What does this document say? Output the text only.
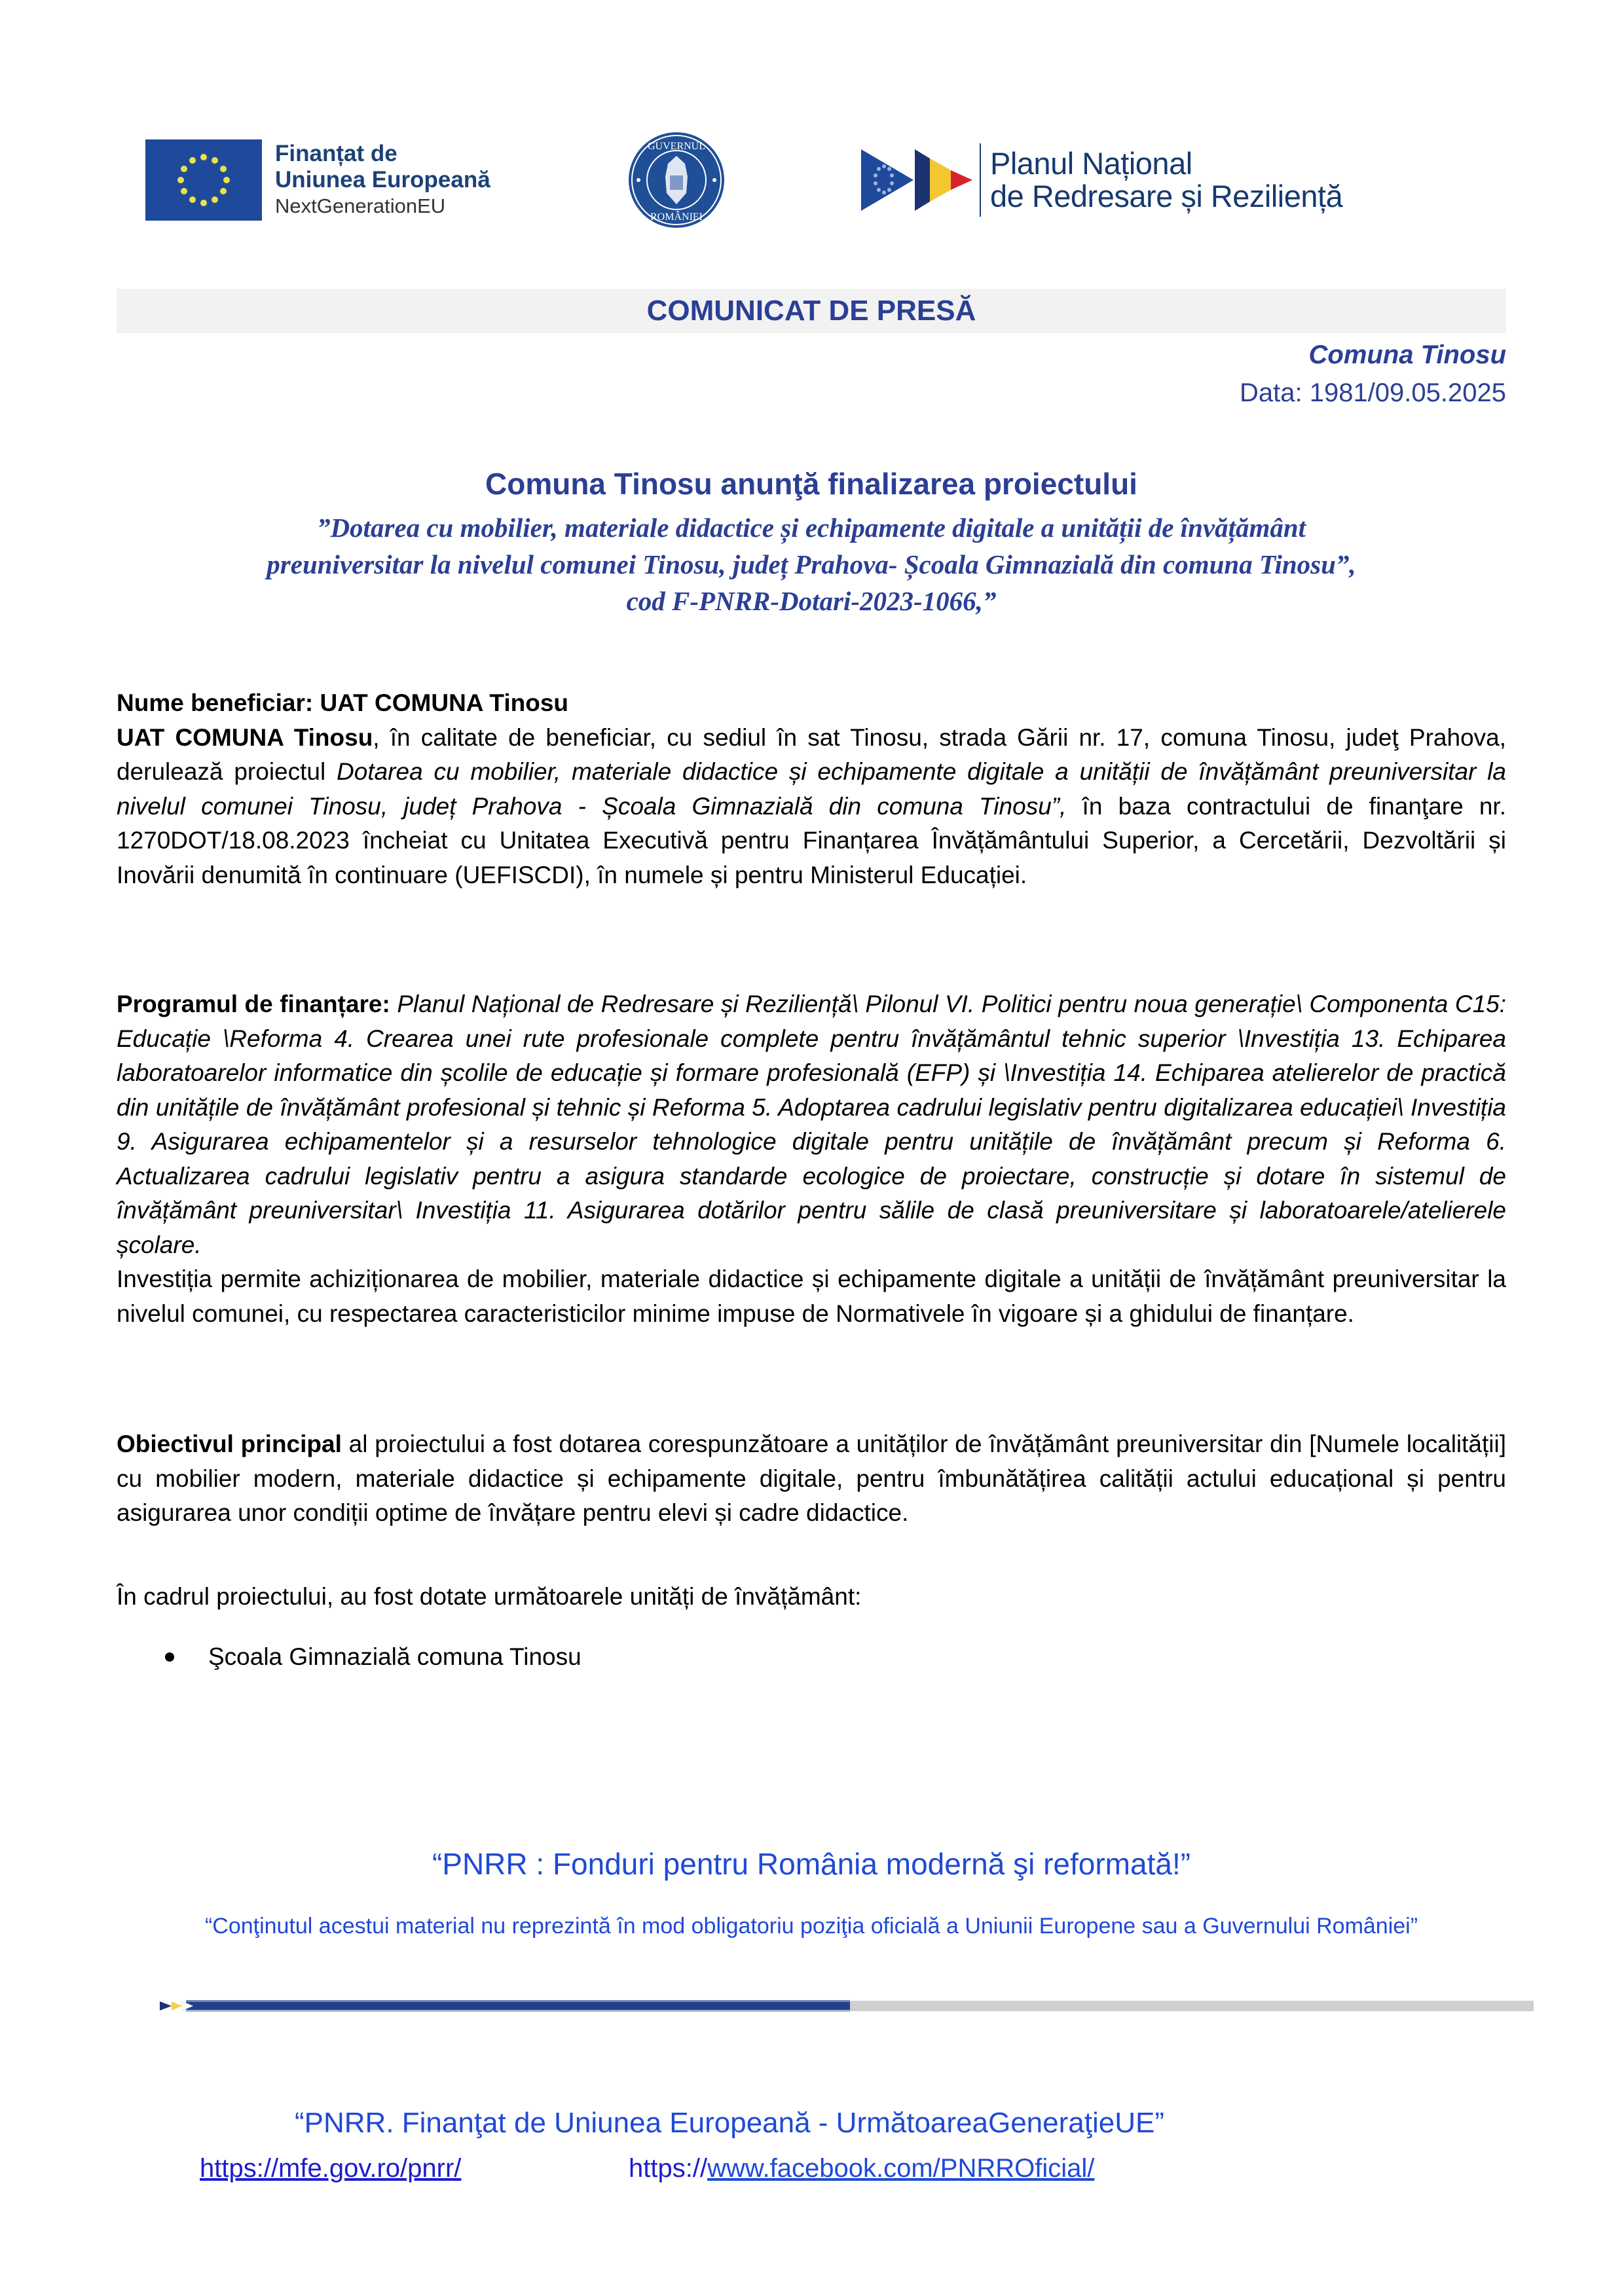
Finanțat de
Uniunea Europeană
NextGenerationEU
GUVERNUL
ROMÂNIEI
Planul Național
de Redresare și Reziliență
COMUNICAT DE PRESĂ
Comuna Tinosu
Data: 1981/09.05.2025
Comuna Tinosu anunţă finalizarea proiectului
”Dotarea cu mobilier, materiale didactice și echipamente digitale a unității de învățământ
preuniversitar la nivelul comunei Tinosu, județ Prahova- Școala Gimnazială din comuna Tinosu”,
cod F-PNRR-Dotari-2023-1066,”

Nume beneficiar: UAT COMUNA Tinosu

UAT COMUNA Tinosu, în calitate de beneficiar, cu sediul în sat Tinosu, strada Gării nr. 17, comuna Tinosu, judeţ Prahova, derulează proiectul Dotarea cu mobilier, materiale didactice și echipamente digitale a unității de învățământ preuniversitar la nivelul comunei Tinosu, județ Prahova - Școala Gimnazială din comuna Tinosu”, în baza contractului de finanţare nr. 1270DOT/18.08.2023 încheiat cu Unitatea Executivă pentru Finanțarea Învățământului Superior, a Cercetării, Dezvoltării și Inovării denumită în continuare (UEFISCDI), în numele și pentru Ministerul Educației.

Programul de finanțare: Planul Național de Redresare și Reziliență\ Pilonul VI. Politici pentru noua generație\ Componenta C15: Educație \Reforma 4. Crearea unei rute profesionale complete pentru învățământul tehnic superior \Investiția 13. Echiparea laboratoarelor informatice din școlile de educație și formare profesională (EFP) și \Investiția 14. Echiparea atelierelor de practică din unitățile de învățământ profesional și tehnic și Reforma 5. Adoptarea cadrului legislativ pentru digitalizarea educației\ Investiția 9. Asigurarea echipamentelor și a resurselor tehnologice digitale pentru unitățile de învățământ precum și Reforma 6. Actualizarea cadrului legislativ pentru a asigura standarde ecologice de proiectare, construcție și dotare în sistemul de învățământ preuniversitar\ Investiția 11. Asigurarea dotărilor pentru sălile de clasă preuniversitare și laboratoarele/atelierele școlare.

Investiția permite achiziționarea de mobilier, materiale didactice și echipamente digitale a unității de învățământ preuniversitar la nivelul comunei, cu respectarea caracteristicilor minime impuse de Normativele în vigoare și a ghidului de finanțare.

Obiectivul principal al proiectului a fost dotarea corespunzătoare a unităților de învățământ preuniversitar din [Numele localității] cu mobilier modern, materiale didactice și echipamente digitale, pentru îmbunătățirea calității actului educațional și pentru asigurarea unor condiții optime de învățare pentru elevi și cadre didactice.

În cadrul proiectului, au fost dotate următoarele unități de învățământ:
Şcoala Gimnazială comuna Tinosu
“PNRR : Fonduri pentru România modernă şi reformată!”
“Conţinutul acestui material nu reprezintă în mod obligatoriu poziţia oficială a Uniunii Europene sau a Guvernului României”
“PNRR. Finanţat de Uniunea Europeană - UrmătoareaGeneraţieUE”
https://mfe.gov.ro/pnrr/	https://www.facebook.com/PNRROficial/
